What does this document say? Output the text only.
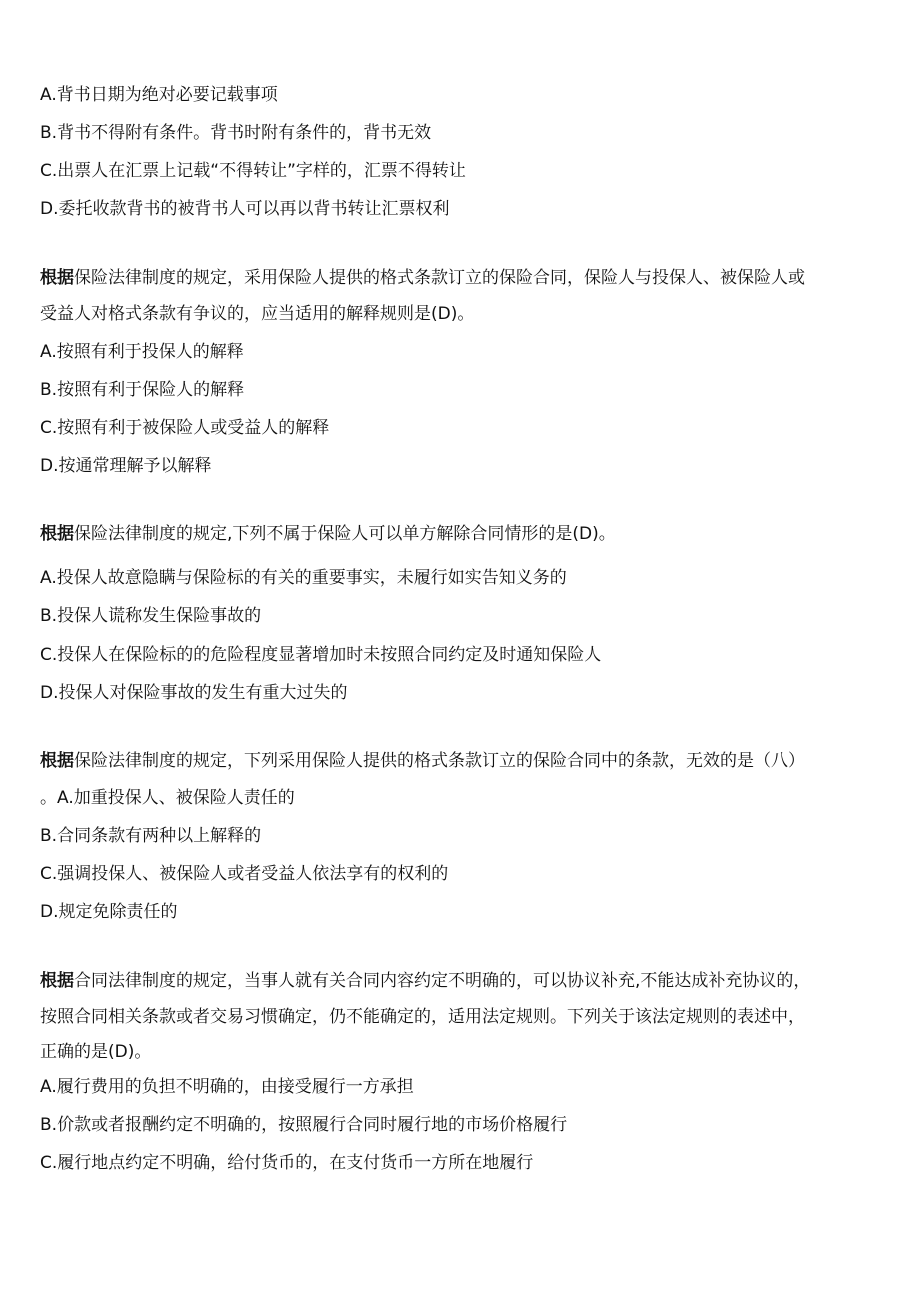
A.背书日期为绝对必要记载事项
B.背书不得附有条件。背书时附有条件的，背书无效
C.出票人在汇票上记载“不得转让”字样的，汇票不得转让
D.委托收款背书的被背书人可以再以背书转让汇票权利
根据保险法律制度的规定，采用保险人提供的格式条款订立的保险合同，保险人与投保人、被保险人或
受益人对格式条款有争议的，应当适用的解释规则是(D)。
A.按照有利于投保人的解释
B.按照有利于保险人的解释
C.按照有利于被保险人或受益人的解释
D.按通常理解予以解释
根据保险法律制度的规定,下列不属于保险人可以单方解除合同情形的是(D)。
A.投保人故意隐瞒与保险标的有关的重要事实，未履行如实告知义务的
B.投保人谎称发生保险事故的
C.投保人在保险标的的危险程度显著增加时未按照合同约定及时通知保险人
D.投保人对保险事故的发生有重大过失的
根据保险法律制度的规定，下列采用保险人提供的格式条款订立的保险合同中的条款，无效的是（八）
。A.加重投保人、被保险人责任的
B.合同条款有两种以上解释的
C.强调投保人、被保险人或者受益人依法享有的权利的
D.规定免除责任的
根据合同法律制度的规定，当事人就有关合同内容约定不明确的，可以协议补充,不能达成补充协议的，
按照合同相关条款或者交易习惯确定，仍不能确定的，适用法定规则。下列关于该法定规则的表述中，
正确的是(D)。
A.履行费用的负担不明确的，由接受履行一方承担
B.价款或者报酬约定不明确的，按照履行合同时履行地的市场价格履行
C.履行地点约定不明确，给付货币的，在支付货币一方所在地履行
